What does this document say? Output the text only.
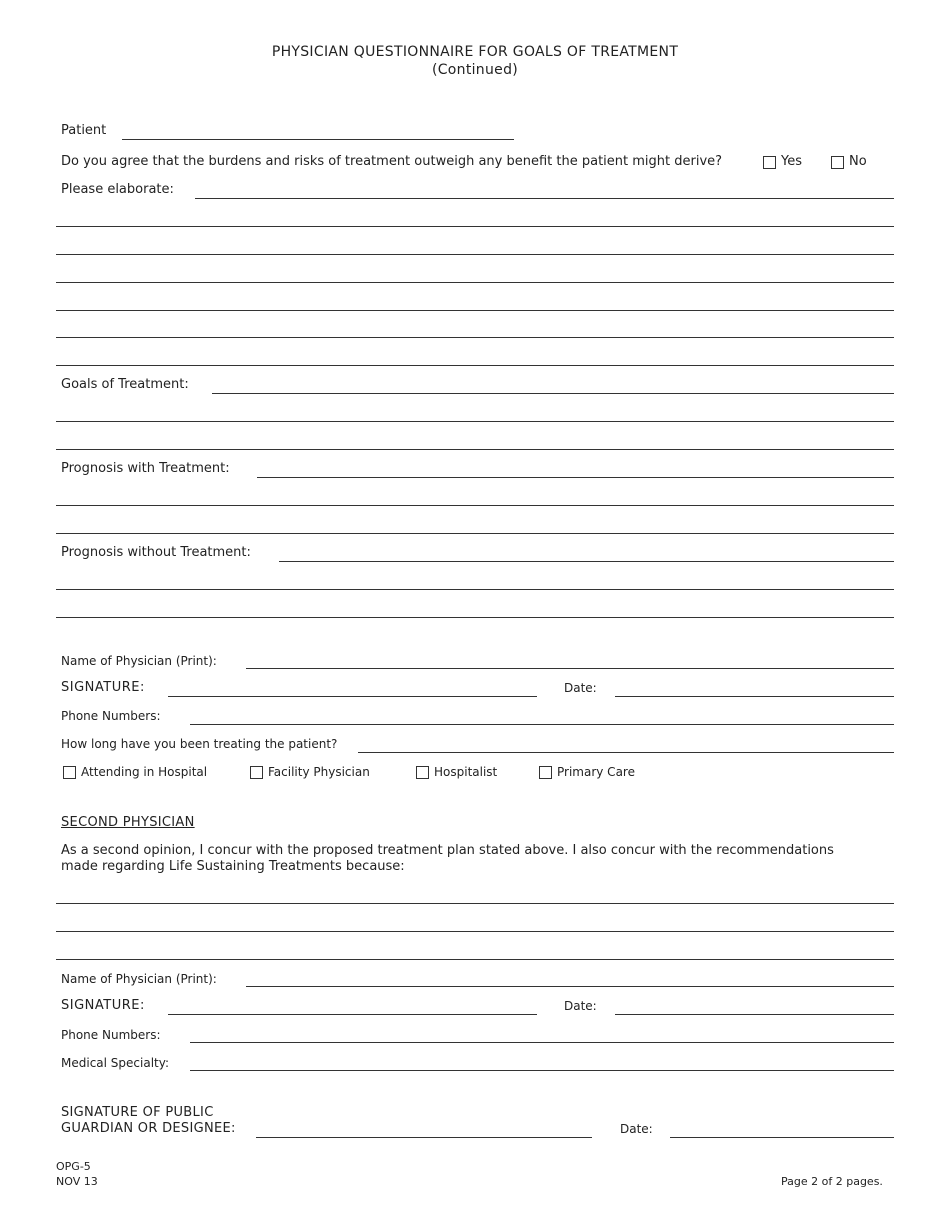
PHYSICIAN QUESTIONNAIRE FOR GOALS OF TREATMENT
(Continued)
Patient
Do you agree that the burdens and risks of treatment outweigh any benefit the patient might derive?	Yes	No
Please elaborate:
Goals of Treatment:
Prognosis with Treatment:
Prognosis without Treatment:
Name of Physician (Print):
SIGNATURE:	Date:
Phone Numbers:
How long have you been treating the patient?
Attending in Hospital	Facility Physician	Hospitalist	Primary Care
SECOND PHYSICIAN
As a second opinion, I concur with the proposed treatment plan stated above. I also concur with the recommendations made regarding Life Sustaining Treatments because:
Name of Physician (Print):
SIGNATURE:	Date:
Phone Numbers:
Medical Specialty:
SIGNATURE OF PUBLIC
GUARDIAN OR DESIGNEE:	Date:
OPG-5
NOV 13	Page 2 of 2 pages.
